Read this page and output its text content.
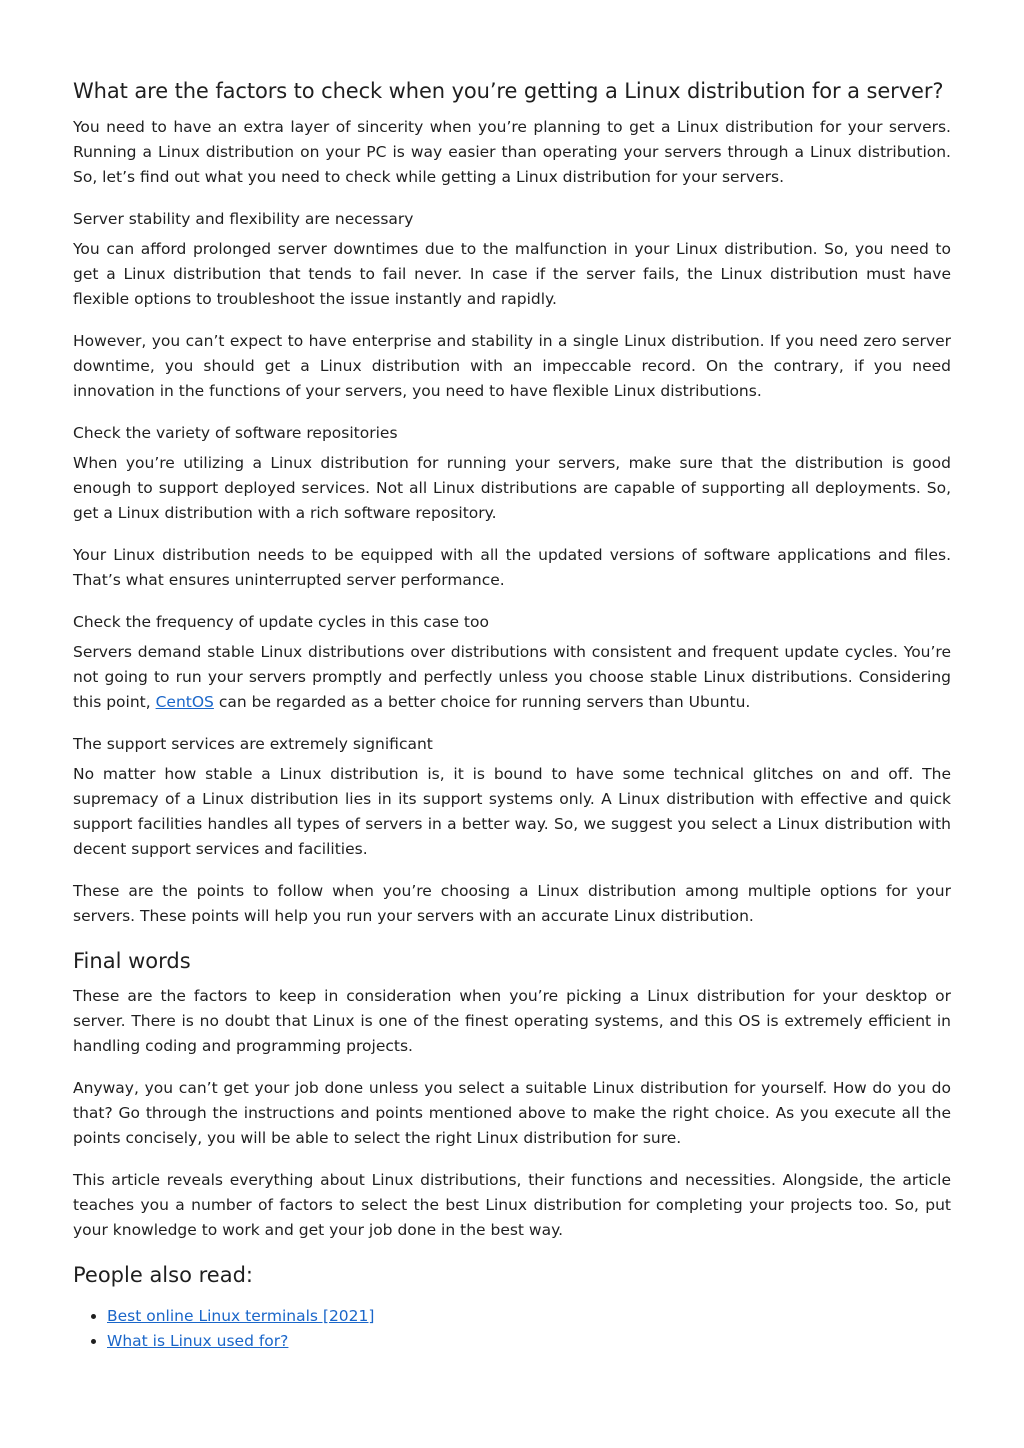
What are the factors to check when you’re getting a Linux distribution for a server?

You need to have an extra layer of sincerity when you’re planning to get a Linux distribution for your servers. Running a Linux distribution on your PC is way easier than operating your servers through a Linux distribution. So, let’s find out what you need to check while getting a Linux distribution for your servers.

Server stability and flexibility are necessary

You can afford prolonged server downtimes due to the malfunction in your Linux distribution. So, you need to get a Linux distribution that tends to fail never. In case if the server fails, the Linux distribution must have flexible options to troubleshoot the issue instantly and rapidly.

However, you can’t expect to have enterprise and stability in a single Linux distribution. If you need zero server downtime, you should get a Linux distribution with an impeccable record. On the contrary, if you need innovation in the functions of your servers, you need to have flexible Linux distributions.

Check the variety of software repositories

When you’re utilizing a Linux distribution for running your servers, make sure that the distribution is good enough to support deployed services. Not all Linux distributions are capable of supporting all deployments. So, get a Linux distribution with a rich software repository.

Your Linux distribution needs to be equipped with all the updated versions of software applications and files. That’s what ensures uninterrupted server performance.

Check the frequency of update cycles in this case too

Servers demand stable Linux distributions over distributions with consistent and frequent update cycles. You’re not going to run your servers promptly and perfectly unless you choose stable Linux distributions. Considering this point, CentOS can be regarded as a better choice for running servers than Ubuntu.

The support services are extremely significant

No matter how stable a Linux distribution is, it is bound to have some technical glitches on and off. The supremacy of a Linux distribution lies in its support systems only. A Linux distribution with effective and quick support facilities handles all types of servers in a better way. So, we suggest you select a Linux distribution with decent support services and facilities.

These are the points to follow when you’re choosing a Linux distribution among multiple options for your servers. These points will help you run your servers with an accurate Linux distribution.

Final words

These are the factors to keep in consideration when you’re picking a Linux distribution for your desktop or server. There is no doubt that Linux is one of the finest operating systems, and this OS is extremely efficient in handling coding and programming projects.

Anyway, you can’t get your job done unless you select a suitable Linux distribution for yourself. How do you do that? Go through the instructions and points mentioned above to make the right choice. As you execute all the points concisely, you will be able to select the right Linux distribution for sure.

This article reveals everything about Linux distributions, their functions and necessities. Alongside, the article teaches you a number of factors to select the best Linux distribution for completing your projects too. So, put your knowledge to work and get your job done in the best way.

People also read:
• Best online Linux terminals [2021]
• What is Linux used for?
